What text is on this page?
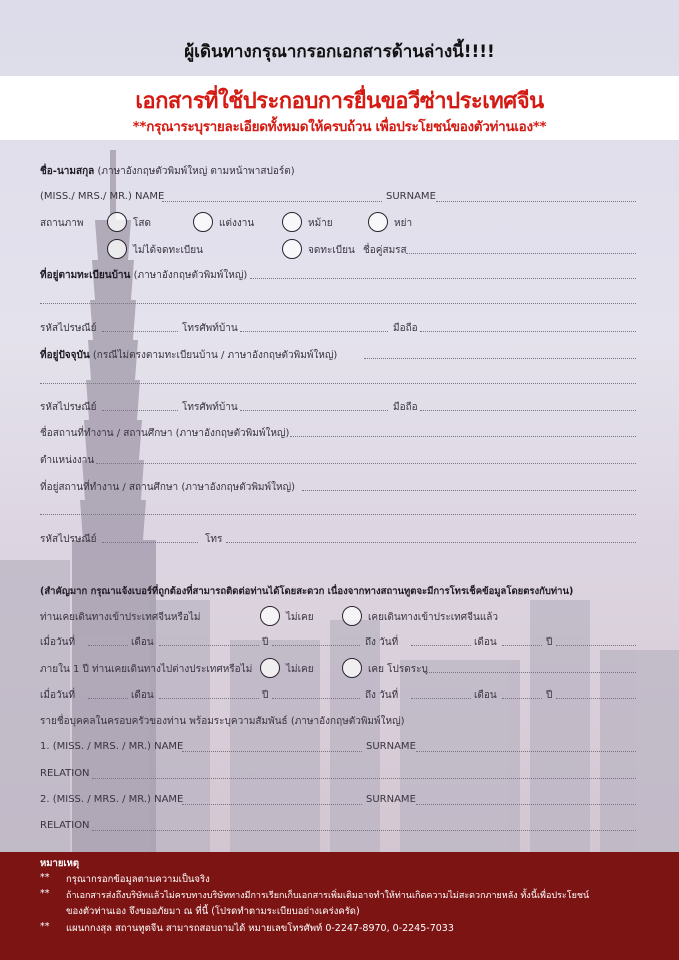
ผู้เดินทางกรุณากรอกเอกสารด้านล่างนี้!!!!
เอกสารที่ใช้ประกอบการยื่นขอวีซ่าประเทศจีน
**กรุณาระบุรายละเอียดทั้งหมดให้ครบถ้วน เพื่อประโยชน์ของตัวท่านเอง**
ชื่อ-นามสกุล (ภาษาอังกฤษตัวพิมพ์ใหญ่ ตามหน้าพาสปอร์ต)
(MISS./ MRS./ MR.) NAME	SURNAME
สถานภาพ	โสด	แต่งงาน	หม้าย	หย่า
ไม่ได้จดทะเบียน	จดทะเบียน ชื่อคู่สมรส
ที่อยู่ตามทะเบียนบ้าน (ภาษาอังกฤษตัวพิมพ์ใหญ่)
รหัสไปรษณีย์	โทรศัพท์บ้าน	มือถือ
ที่อยู่ปัจจุบัน (กรณีไม่ตรงตามทะเบียนบ้าน / ภาษาอังกฤษตัวพิมพ์ใหญ่)
รหัสไปรษณีย์	โทรศัพท์บ้าน	มือถือ
ชื่อสถานที่ทำงาน / สถานศึกษา (ภาษาอังกฤษตัวพิมพ์ใหญ่)
ตำแหน่งงาน
ที่อยู่สถานที่ทำงาน / สถานศึกษา (ภาษาอังกฤษตัวพิมพ์ใหญ่)
รหัสไปรษณีย์	โทร
(สำคัญมาก กรุณาแจ้งเบอร์ที่ถูกต้องที่สามารถติดต่อท่านได้โดยสะดวก เนื่องจากทางสถานทูตจะมีการโทรเช็คข้อมูลโดยตรงกับท่าน)
ท่านเคยเดินทางเข้าประเทศจีนหรือไม่	ไม่เคย	เคยเดินทางเข้าประเทศจีนแล้ว
เมื่อวันที่	เดือน	ปี	ถึง วันที่	เดือน	ปี
ภายใน 1 ปี ท่านเคยเดินทางไปต่างประเทศหรือไม่	ไม่เคย	เคย โปรดระบุ
เมื่อวันที่	เดือน	ปี	ถึง วันที่	เดือน	ปี
รายชื่อบุคคลในครอบครัวของท่าน พร้อมระบุความสัมพันธ์ (ภาษาอังกฤษตัวพิมพ์ใหญ่)
1. (MISS. / MRS. / MR.) NAME	SURNAME
RELATION
2. (MISS. / MRS. / MR.) NAME	SURNAME
RELATION
หมายเหตุ
** กรุณากรอกข้อมูลตามความเป็นจริง
** ถ้าเอกสารส่งถึงบริษัทแล้วไม่ครบทางบริษัททางมีการเรียกเก็บเอกสารเพิ่มเติมอาจทำให้ท่านเกิดความไม่สะดวกภายหลัง ทั้งนี้เพื่อประโยชน์
ของตัวท่านเอง จึงขออภัยมา ณ ที่นี้ (โปรดทำตามระเบียบอย่างเคร่งครัด)
** แผนกกงสุล สถานทูตจีน สามารถสอบถามได้ หมายเลขโทรศัพท์ 0-2247-8970, 0-2245-7033
